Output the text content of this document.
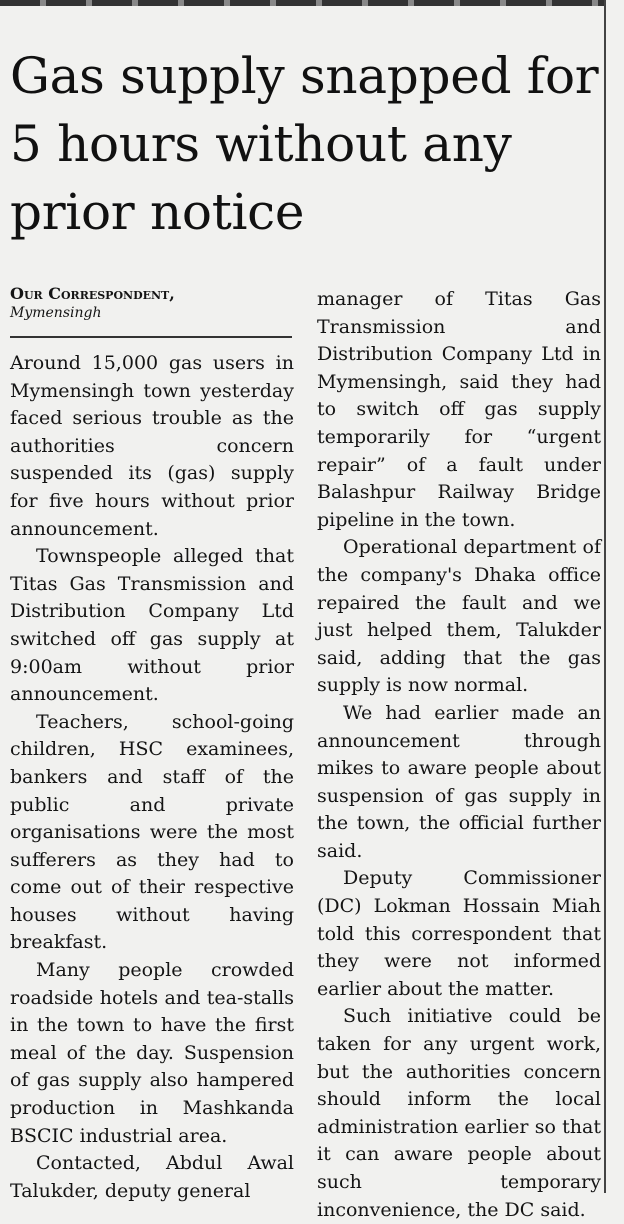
Gas supply snapped for 5 hours without any prior notice
Our Correspondent,
Mymensingh

Around 15,000 gas users in Mymensingh town yesterday faced serious trouble as the authorities concern suspended its (gas) supply for five hours without prior announcement.

Townspeople alleged that Titas Gas Transmission and Distribution Company Ltd switched off gas supply at 9:00am without prior announcement.

Teachers, school-going children, HSC examinees, bankers and staff of the public and private organisations were the most sufferers as they had to come out of their respective houses without having breakfast.

Many people crowded roadside hotels and tea-stalls in the town to have the first meal of the day. Suspension of gas supply also hampered production in Mashkanda BSCIC industrial area.

Contacted, Abdul Awal Talukder, deputy general

manager of Titas Gas Transmission and Distribution Company Ltd in Mymensingh, said they had to switch off gas supply temporarily for “urgent repair” of a fault under Balashpur Railway Bridge pipeline in the town.

Operational department of the company's Dhaka office repaired the fault and we just helped them, Talukder said, adding that the gas supply is now normal.

We had earlier made an announcement through mikes to aware people about suspension of gas supply in the town, the official further said.

Deputy Commissioner (DC) Lokman Hossain Miah told this correspondent that they were not informed earlier about the matter.

Such initiative could be taken for any urgent work, but the authorities concern should inform the local administration earlier so that it can aware people about such temporary inconvenience, the DC said.
